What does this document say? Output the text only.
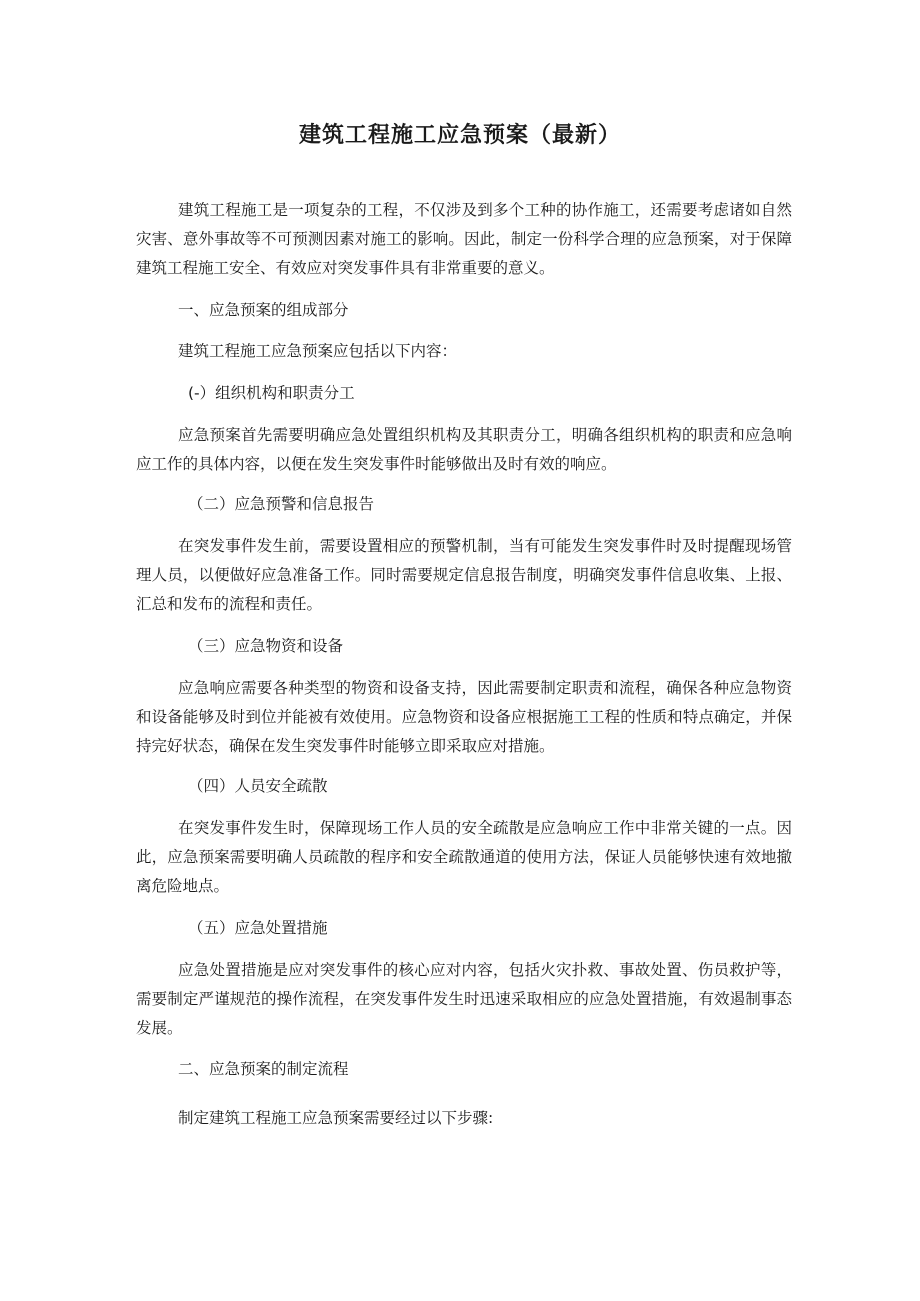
建筑工程施工应急预案（最新）

建筑工程施工是一项复杂的工程，不仅涉及到多个工种的协作施工，还需要考虑诸如自然灾害、意外事故等不可预测因素对施工的影响。因此，制定一份科学合理的应急预案，对于保障建筑工程施工安全、有效应对突发事件具有非常重要的意义。

一、应急预案的组成部分

建筑工程施工应急预案应包括以下内容：

(-）组织机构和职责分工

应急预案首先需要明确应急处置组织机构及其职责分工，明确各组织机构的职责和应急响应工作的具体内容，以便在发生突发事件时能够做出及时有效的响应。

（二）应急预警和信息报告

在突发事件发生前，需要设置相应的预警机制，当有可能发生突发事件时及时提醒现场管理人员，以便做好应急准备工作。同时需要规定信息报告制度，明确突发事件信息收集、上报、汇总和发布的流程和责任。

（三）应急物资和设备

应急响应需要各种类型的物资和设备支持，因此需要制定职责和流程，确保各种应急物资和设备能够及时到位并能被有效使用。应急物资和设备应根据施工工程的性质和特点确定，并保持完好状态，确保在发生突发事件时能够立即采取应对措施。

（四）人员安全疏散

在突发事件发生时，保障现场工作人员的安全疏散是应急响应工作中非常关键的一点。因此，应急预案需要明确人员疏散的程序和安全疏散通道的使用方法，保证人员能够快速有效地撤离危险地点。

（五）应急处置措施

应急处置措施是应对突发事件的核心应对内容，包括火灾扑救、事故处置、伤员救护等，需要制定严谨规范的操作流程，在突发事件发生时迅速采取相应的应急处置措施，有效遏制事态发展。

二、应急预案的制定流程

制定建筑工程施工应急预案需要经过以下步骤:
